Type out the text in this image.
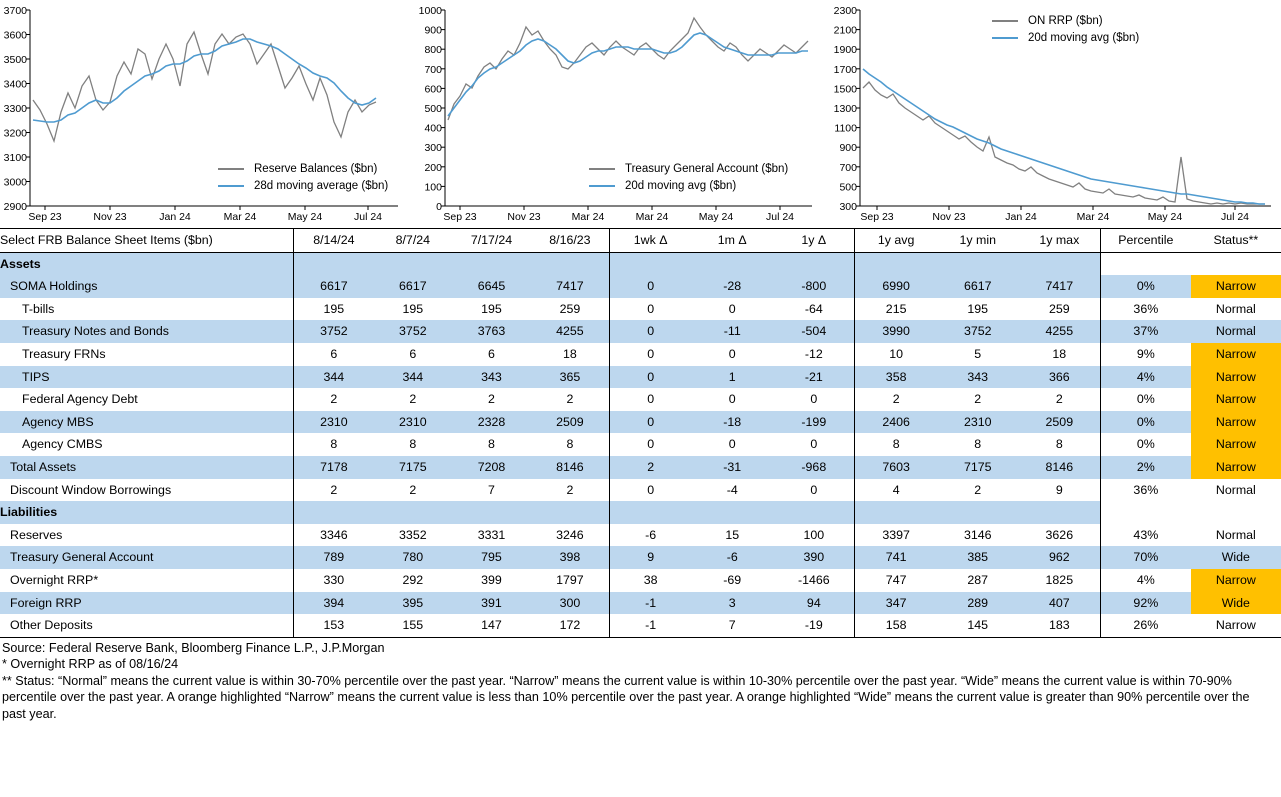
3700
3600
3500
3400
3300
3200
3100
3000
2900
Sep 23	Nov 23	Jan 24	Mar 24	May 24	Jul 24
Reserve Balances ($bn)
28d moving average ($bn)
1000
900
800
700
600
500
400
300
200
100
0
Sep 23	Nov 23	Mar 24	Mar 24	May 24	Jul 24
Treasury General Account ($bn)
20d moving avg ($bn)
2300
2100
1900
1700
1500
1300
1100
900
700
500
300
Sep 23	Nov 23	Jan 24	Mar 24	May 24	Jul 24
ON RRP ($bn)
20d moving avg ($bn)
Select FRB Balance Sheet Items ($bn)	8/14/24	8/7/24	7/17/24	8/16/23	1wk Δ	1m Δ	1y Δ	1y avg	1y min	1y max	Percentile	Status**
Assets												
SOMA Holdings	6617	6617	6645	7417	0	-28	-800	6990	6617	7417	0%	Narrow
T-bills	195	195	195	259	0	0	-64	215	195	259	36%	Normal
Treasury Notes and Bonds	3752	3752	3763	4255	0	-11	-504	3990	3752	4255	37%	Normal
Treasury FRNs	6	6	6	18	0	0	-12	10	5	18	9%	Narrow
TIPS	344	344	343	365	0	1	-21	358	343	366	4%	Narrow
Federal Agency Debt	2	2	2	2	0	0	0	2	2	2	0%	Narrow
Agency MBS	2310	2310	2328	2509	0	-18	-199	2406	2310	2509	0%	Narrow
Agency CMBS	8	8	8	8	0	0	0	8	8	8	0%	Narrow
Total Assets	7178	7175	7208	8146	2	-31	-968	7603	7175	8146	2%	Narrow
Discount Window Borrowings	2	2	7	2	0	-4	0	4	2	9	36%	Normal
Liabilities												
Reserves	3346	3352	3331	3246	-6	15	100	3397	3146	3626	43%	Normal
Treasury General Account	789	780	795	398	9	-6	390	741	385	962	70%	Wide
Overnight RRP*	330	292	399	1797	38	-69	-1466	747	287	1825	4%	Narrow
Foreign RRP	394	395	391	300	-1	3	94	347	289	407	92%	Wide
Other Deposits	153	155	147	172	-1	7	-19	158	145	183	26%	Narrow
Source: Federal Reserve Bank, Bloomberg Finance L.P., J.P.Morgan
* Overnight RRP as of 08/16/24
** Status: “Normal” means the current value is within 30-70% percentile over the past year. “Narrow” means the current value is within 10-30% percentile over the past year. “Wide” means the current value is within 70-90% percentile over the past year. A orange highlighted “Narrow” means the current value is less than 10% percentile over the past year. A orange highlighted “Wide” means the current value is greater than 90% percentile over the past year.
